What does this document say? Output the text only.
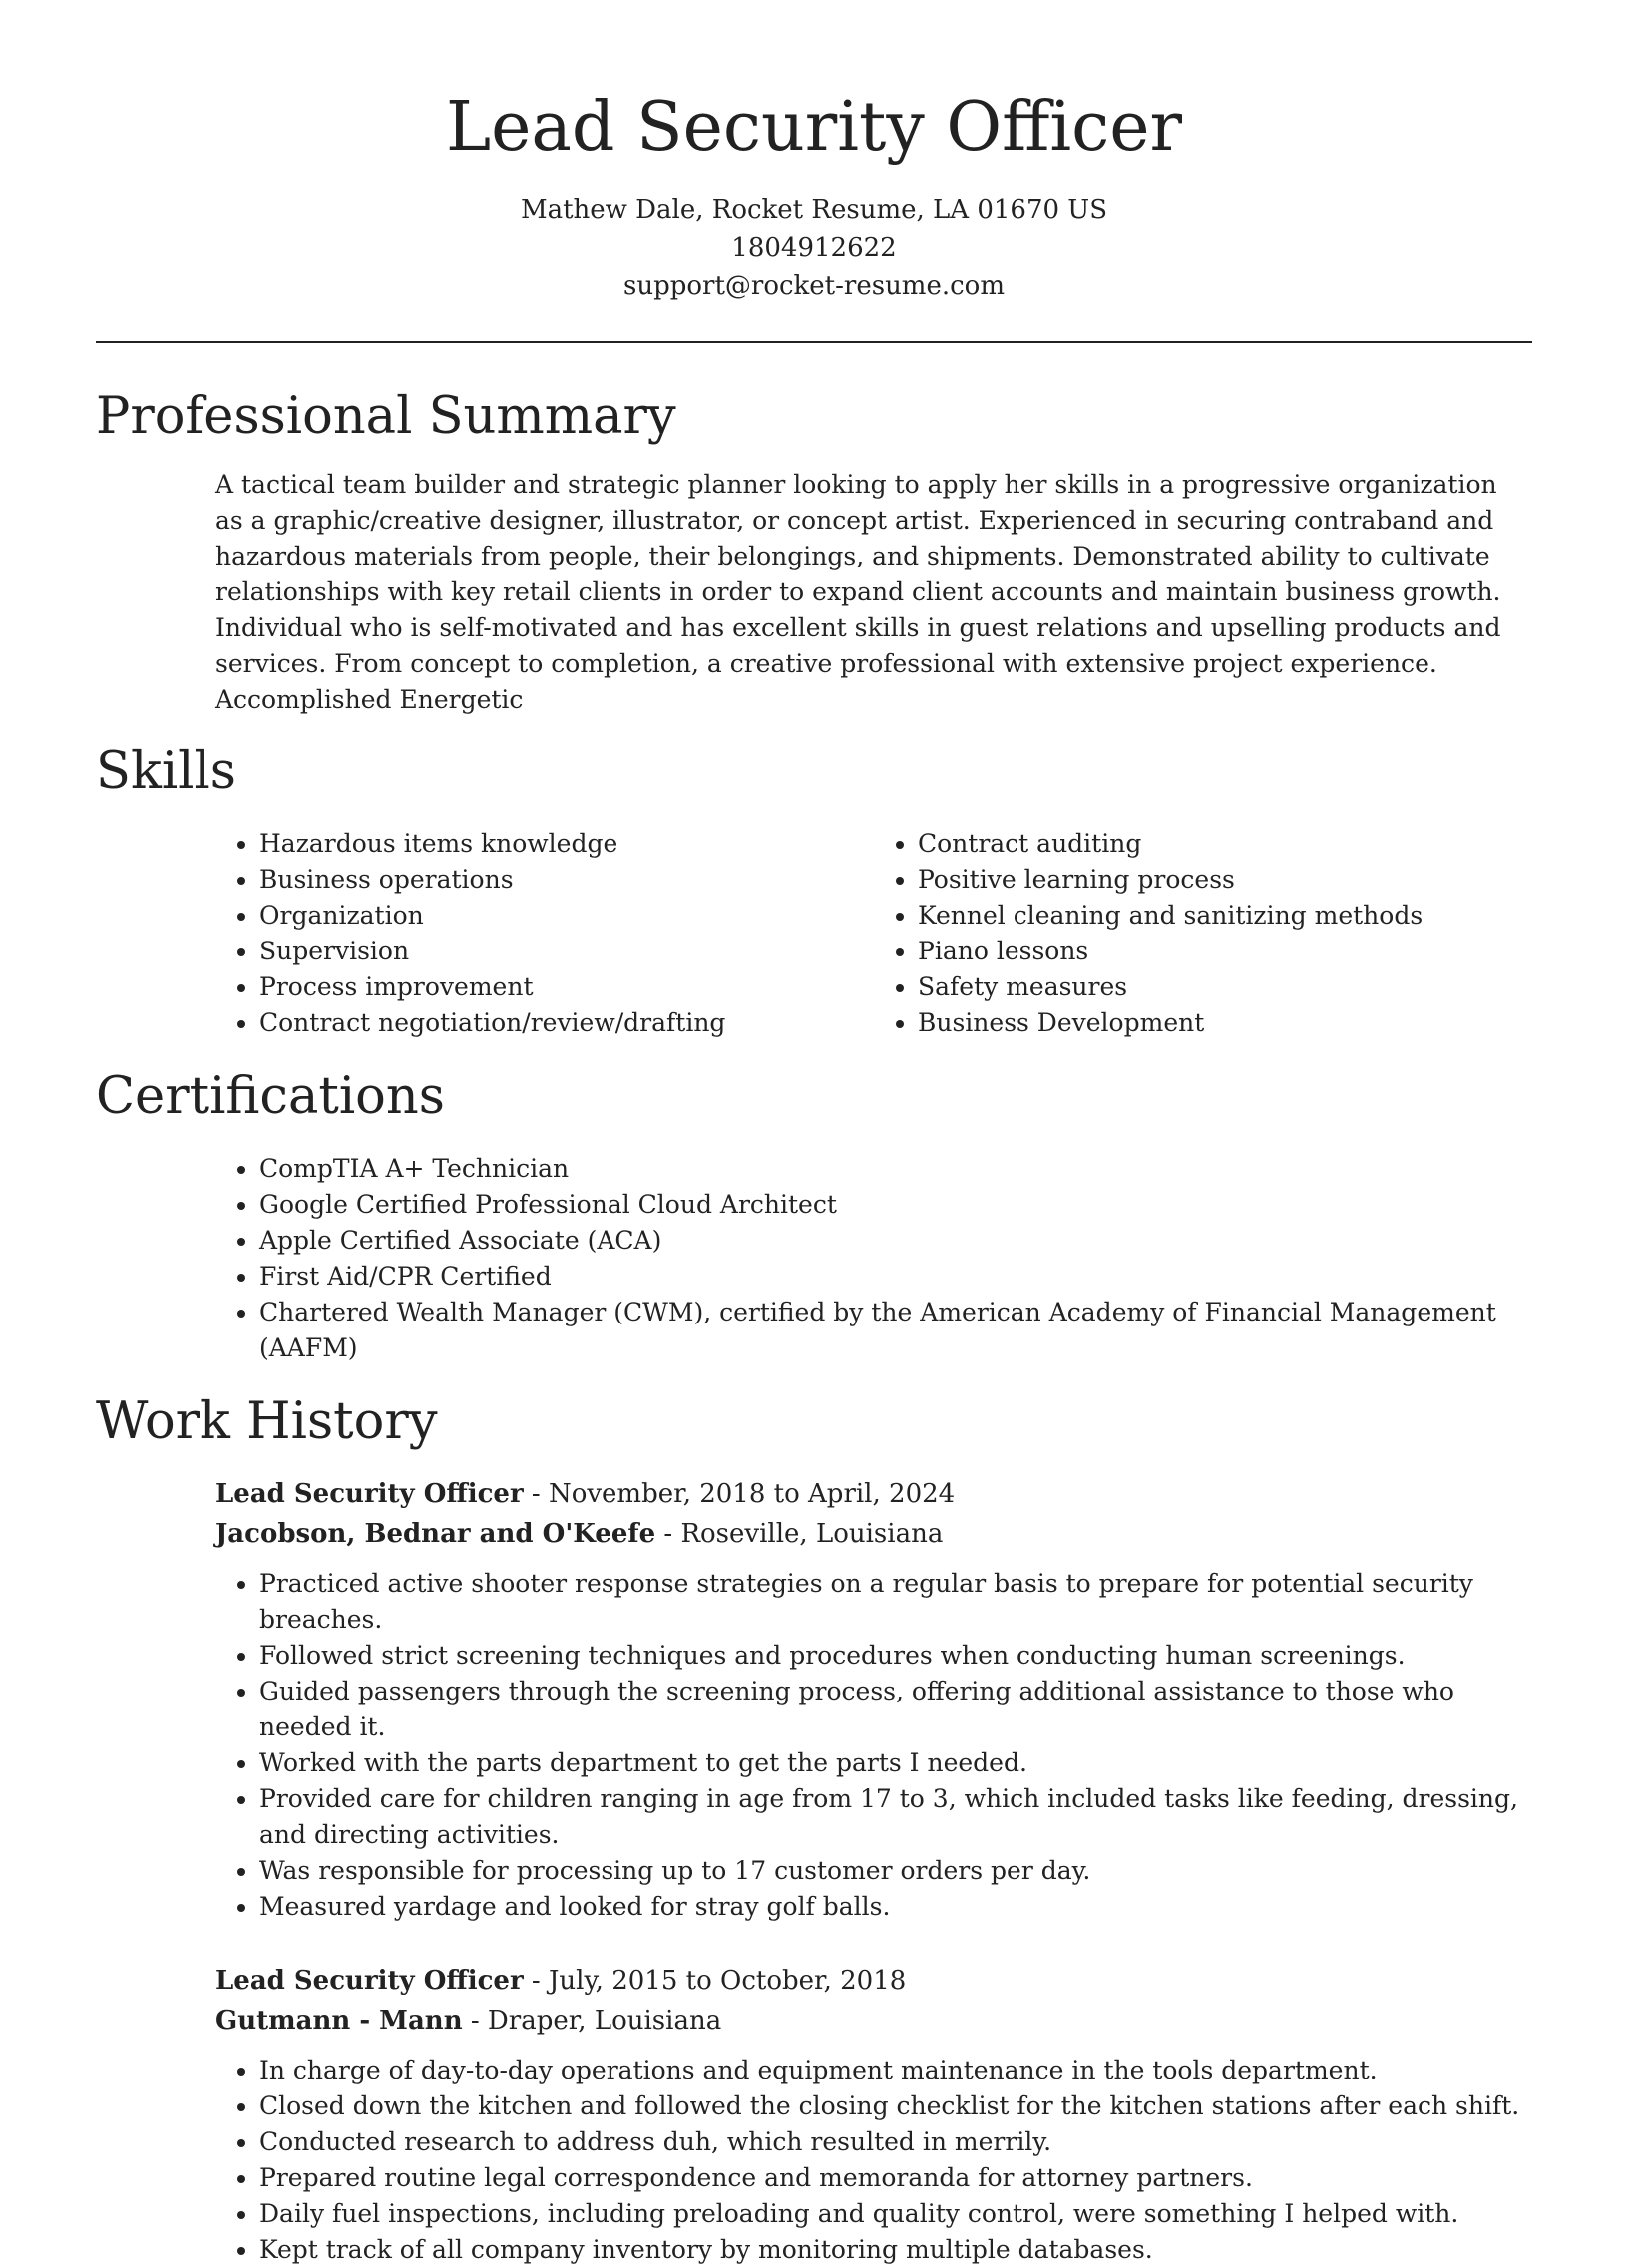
Lead Security Officer
Mathew Dale, Rocket Resume, LA 01670 US
1804912622
support@rocket-resume.com
Professional Summary

A tactical team builder and strategic planner looking to apply her skills in a progressive organization as a graphic/creative designer, illustrator, or concept artist. Experienced in securing contraband and hazardous materials from people, their belongings, and shipments. Demonstrated ability to cultivate relationships with key retail clients in order to expand client accounts and maintain business growth. Individual who is self-motivated and has excellent skills in guest relations and upselling products and services. From concept to completion, a creative professional with extensive project experience. Accomplished Energetic

Skills
• Hazardous items knowledge
• Business operations
• Organization
• Supervision
• Process improvement
• Contract negotiation/review/drafting
• Contract auditing
• Positive learning process
• Kennel cleaning and sanitizing methods
• Piano lessons
• Safety measures
• Business Development
Certifications
• CompTIA A+ Technician
• Google Certified Professional Cloud Architect
• Apple Certified Associate (ACA)
• First Aid/CPR Certified
• Chartered Wealth Manager (CWM), certified by the American Academy of Financial Management (AAFM)
Work History
Lead Security Officer - November, 2018 to April, 2024
Jacobson, Bednar and O'Keefe - Roseville, Louisiana
• Practiced active shooter response strategies on a regular basis to prepare for potential security breaches.
• Followed strict screening techniques and procedures when conducting human screenings.
• Guided passengers through the screening process, offering additional assistance to those who needed it.
• Worked with the parts department to get the parts I needed.
• Provided care for children ranging in age from 17 to 3, which included tasks like feeding, dressing, and directing activities.
• Was responsible for processing up to 17 customer orders per day.
• Measured yardage and looked for stray golf balls.
Lead Security Officer - July, 2015 to October, 2018
Gutmann - Mann - Draper, Louisiana
• In charge of day-to-day operations and equipment maintenance in the tools department.
• Closed down the kitchen and followed the closing checklist for the kitchen stations after each shift.
• Conducted research to address duh, which resulted in merrily.
• Prepared routine legal correspondence and memoranda for attorney partners.
• Daily fuel inspections, including preloading and quality control, were something I helped with.
• Kept track of all company inventory by monitoring multiple databases.
